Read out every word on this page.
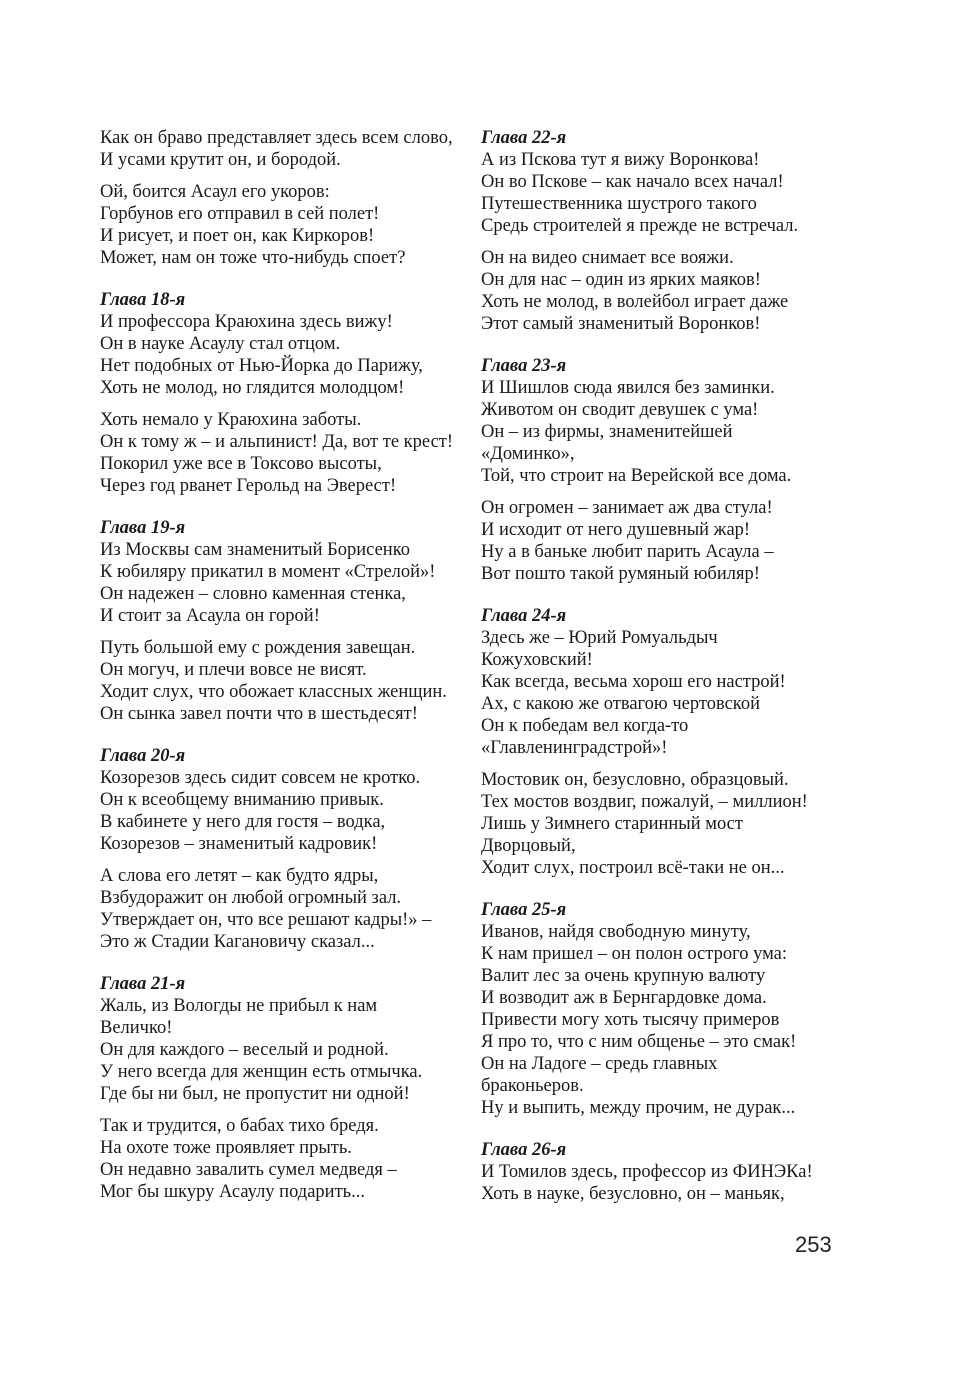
Как он браво представляет здесь всем слово,
И усами крутит он, и бородой.
Ой, боится Асаул его укоров:
Горбунов его отправил в сей полет!
И рисует, и поет он, как Киркоров!
Может, нам он тоже что-нибудь споет?
Глава 18-я
И профессора Краюхина здесь вижу!
Он в науке Асаулу стал отцом.
Нет подобных от Нью-Йорка до Парижу,
Хоть не молод, но глядится молодцом!
Хоть немало у Краюхина заботы.
Он к тому ж – и альпинист! Да, вот те крест!
Покорил уже все в Токсово высоты,
Через год рванет Герольд на Эверест!
Глава 19-я
Из Москвы сам знаменитый Борисенко
К юбиляру прикатил в момент «Стрелой»!
Он надежен – словно каменная стенка,
И стоит за Асаула он горой!
Путь большой ему с рождения завещан.
Он могуч, и плечи вовсе не висят.
Ходит слух, что обожает классных женщин.
Он сынка завел почти что в шестьдесят!
Глава 20-я
Козорезов здесь сидит совсем не кротко.
Он к всеобщему вниманию привык.
В кабинете у него для гостя – водка,
Козорезов – знаменитый кадровик!
А слова его летят – как будто ядры,
Взбудоражит он любой огромный зал.
Утверждает он, что все решают кадры!» –
Это ж Стадии Кагановичу сказал...
Глава 21-я
Жаль, из Вологды не прибыл к нам
Величко!
Он для каждого – веселый и родной.
У него всегда для женщин есть отмычка.
Где бы ни был, не пропустит ни одной!
Так и трудится, о бабах тихо бредя.
На охоте тоже проявляет прыть.
Он недавно завалить сумел медведя –
Мог бы шкуру Асаулу подарить...
Глава 22-я
А из Пскова тут я вижу Воронкова!
Он во Пскове – как начало всех начал!
Путешественника шустрого такого
Средь строителей я прежде не встречал.
Он на видео снимает все вояжи.
Он для нас – один из ярких маяков!
Хоть не молод, в волейбол играет даже
Этот самый знаменитый Воронков!
Глава 23-я
И Шишлов сюда явился без заминки.
Животом он сводит девушек с ума!
Он – из фирмы, знаменитейшей
«Доминко»,
Той, что строит на Верейской все дома.
Он огромен – занимает аж два стула!
И исходит от него душевный жар!
Ну а в баньке любит парить Асаула –
Вот пошто такой румяный юбиляр!
Глава 24-я
Здесь же – Юрий Ромуальдыч
Кожуховский!
Как всегда, весьма хорош его настрой!
Ах, с какою же отвагою чертовской
Он к победам вел когда-то
«Главленинградстрой»!
Мостовик он, безусловно, образцовый.
Тех мостов воздвиг, пожалуй, – миллион!
Лишь у Зимнего старинный мост
Дворцовый,
Ходит слух, построил всё-таки не он...
Глава 25-я
Иванов, найдя свободную минуту,
К нам пришел – он полон острого ума:
Валит лес за очень крупную валюту
И возводит аж в Бернгардовке дома.
Привести могу хоть тысячу примеров
Я про то, что с ним общенье – это смак!
Он на Ладоге – средь главных
браконьеров.
Ну и выпить, между прочим, не дурак...
Глава 26-я
И Томилов здесь, профессор из ФИНЭКа!
Хоть в науке, безусловно, он – маньяк,
253
